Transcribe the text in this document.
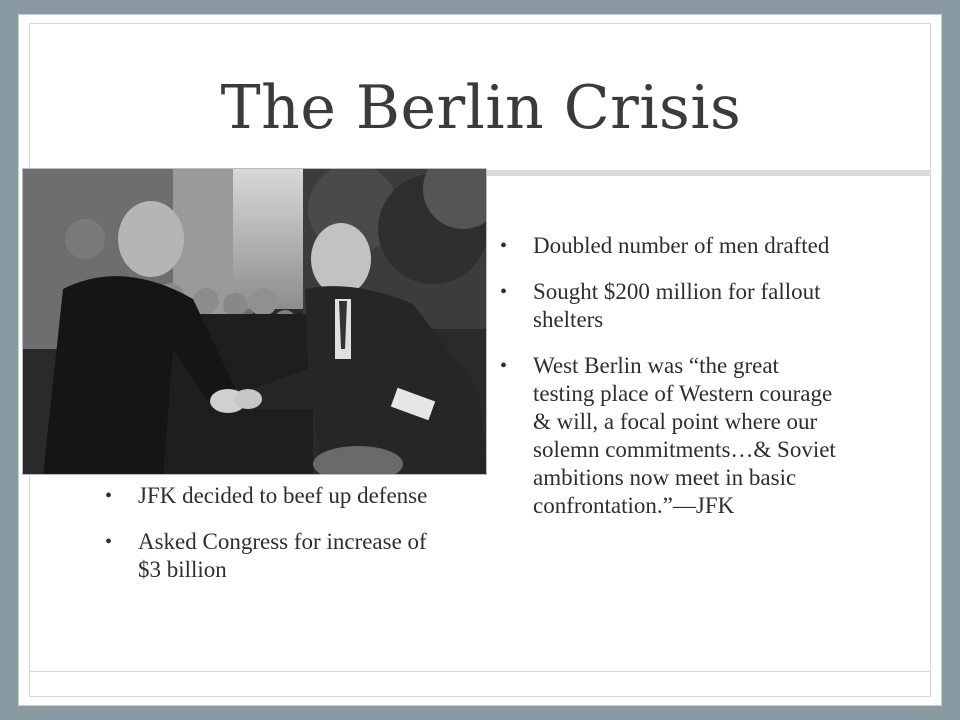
The Berlin Crisis
• JFK decided to beef up defense
• Asked Congress for increase of $3 billion
• Doubled number of men drafted
• Sought $200 million for fallout shelters
• West Berlin was “the great testing place of Western courage & will, a focal point where our solemn commitments…& Soviet ambitions now meet in basic confrontation.”—JFK
